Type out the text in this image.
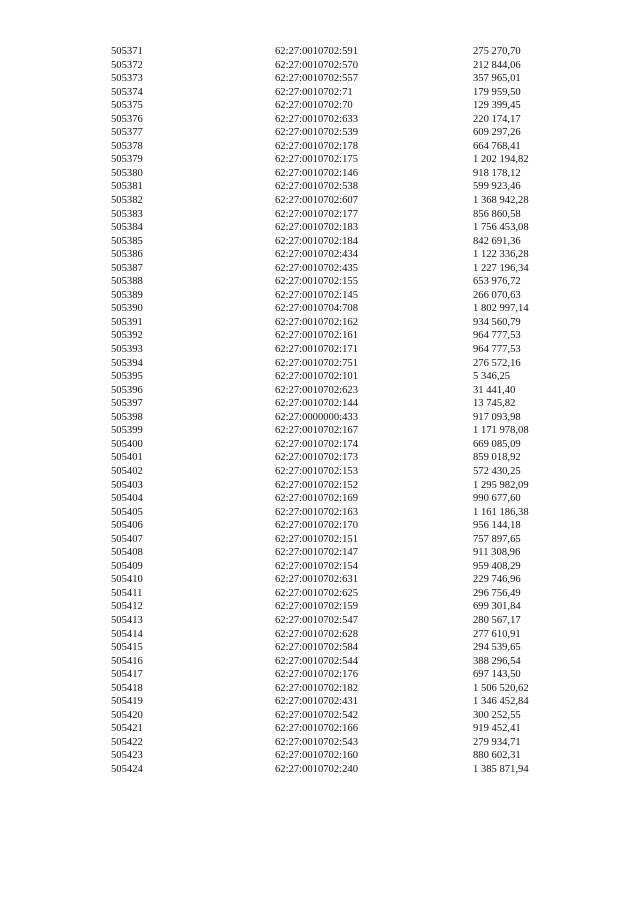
505371	62:27:0010702:591	275 270,70
505372	62:27:0010702:570	212 844,06
505373	62:27:0010702:557	357 965,01
505374	62:27:0010702:71	179 959,50
505375	62:27:0010702:70	129 399,45
505376	62:27:0010702:633	220 174,17
505377	62:27:0010702:539	609 297,26
505378	62:27:0010702:178	664 768,41
505379	62:27:0010702:175	1 202 194,82
505380	62:27:0010702:146	918 178,12
505381	62:27:0010702:538	599 923,46
505382	62:27:0010702:607	1 368 942,28
505383	62:27:0010702:177	856 860,58
505384	62:27:0010702:183	1 756 453,08
505385	62:27:0010702:184	842 691,36
505386	62:27:0010702:434	1 122 336,28
505387	62:27:0010702:435	1 227 196,34
505388	62:27:0010702:155	653 976,72
505389	62:27:0010702:145	266 070,63
505390	62:27:0010704:708	1 802 997,14
505391	62:27:0010702:162	934 560,79
505392	62:27:0010702:161	964 777,53
505393	62:27:0010702:171	964 777,53
505394	62:27:0010702:751	276 572,16
505395	62:27:0010702:101	5 346,25
505396	62:27:0010702:623	31 441,40
505397	62:27:0010702:144	13 745,82
505398	62:27:0000000:433	917 093,98
505399	62:27:0010702:167	1 171 978,08
505400	62:27:0010702:174	669 085,09
505401	62:27:0010702:173	859 018,92
505402	62:27:0010702:153	572 430,25
505403	62:27:0010702:152	1 295 982,09
505404	62:27:0010702:169	990 677,60
505405	62:27:0010702:163	1 161 186,38
505406	62:27:0010702:170	956 144,18
505407	62:27:0010702:151	757 897,65
505408	62:27:0010702:147	911 308,96
505409	62:27:0010702:154	959 408,29
505410	62:27:0010702:631	229 746,96
505411	62:27:0010702:625	296 756,49
505412	62:27:0010702:159	699 301,84
505413	62:27:0010702:547	280 567,17
505414	62:27:0010702:628	277 610,91
505415	62:27:0010702:584	294 539,65
505416	62:27:0010702:544	388 296,54
505417	62:27:0010702:176	697 143,50
505418	62:27:0010702:182	1 506 520,62
505419	62:27:0010702:431	1 346 452,84
505420	62:27:0010702:542	300 252,55
505421	62:27:0010702:166	919 452,41
505422	62:27:0010702:543	279 934,71
505423	62:27:0010702:160	880 602,31
505424	62:27:0010702:240	1 385 871,94
